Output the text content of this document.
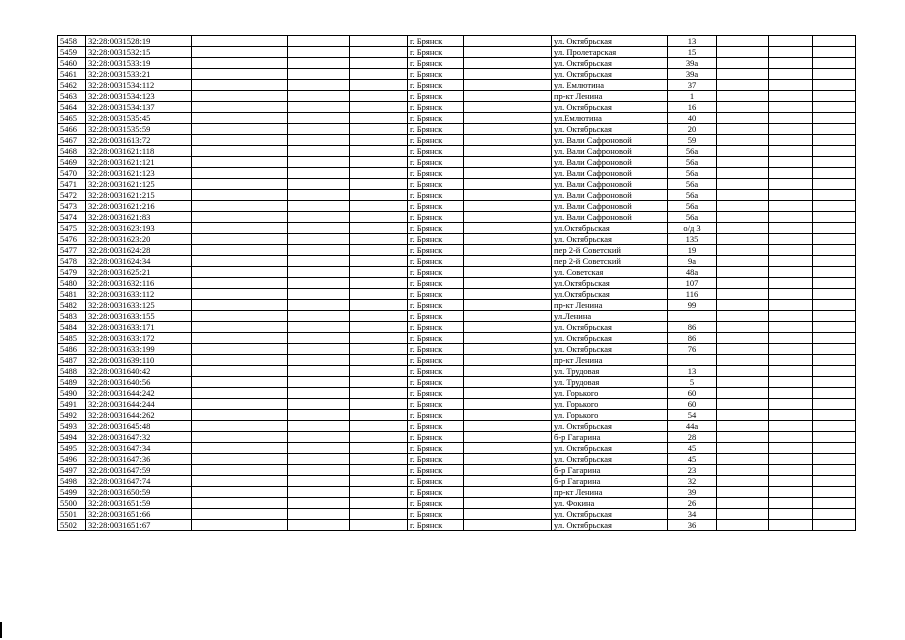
5458	32:28:0031528:19				г. Брянск		ул. Октябрьская	13			
5459	32:28:0031532:15				г. Брянск		ул. Пролетарская	15			
5460	32:28:0031533:19				г. Брянск		ул. Октябрьская	39а			
5461	32:28:0031533:21				г. Брянск		ул. Октябрьская	39а			
5462	32:28:0031534:112				г. Брянск		ул. Емлютина	37			
5463	32:28:0031534:123				г. Брянск		пр-кт Ленина	1			
5464	32:28:0031534:137				г. Брянск		ул. Октябрьская	16			
5465	32:28:0031535:45				г. Брянск		ул.Емлютина	40			
5466	32:28:0031535:59				г. Брянск		ул. Октябрьская	20			
5467	32:28:0031613:72				г. Брянск		ул. Вали Сафроновой	59			
5468	32:28:0031621:118				г. Брянск		ул. Вали Сафроновой	56а			
5469	32:28:0031621:121				г. Брянск		ул. Вали Сафроновой	56а			
5470	32:28:0031621:123				г. Брянск		ул. Вали Сафроновой	56а			
5471	32:28:0031621:125				г. Брянск		ул. Вали Сафроновой	56а			
5472	32:28:0031621:215				г. Брянск		ул. Вали Сафроновой	56а			
5473	32:28:0031621:216				г. Брянск		ул. Вали Сафроновой	56а			
5474	32:28:0031621:83				г. Брянск		ул. Вали Сафроновой	56а			
5475	32:28:0031623:193				г. Брянск		ул.Октябрьская	о/д 3			
5476	32:28:0031623:20				г. Брянск		ул. Октябрьская	135			
5477	32:28:0031624:28				г. Брянск		пер 2-й Советский	19			
5478	32:28:0031624:34				г. Брянск		пер 2-й Советский	9а			
5479	32:28:0031625:21				г. Брянск		ул. Советская	48а			
5480	32:28:0031632:116				г. Брянск		ул.Октябрьская	107			
5481	32:28:0031633:112				г. Брянск		ул.Октябрьская	116			
5482	32:28:0031633:125				г. Брянск		пр-кт Ленина	99			
5483	32:28:0031633:155				г. Брянск		ул.Ленина				
5484	32:28:0031633:171				г. Брянск		ул. Октябрьская	86			
5485	32:28:0031633:172				г. Брянск		ул. Октябрьская	86			
5486	32:28:0031633:199				г. Брянск		ул. Октябрьская	76			
5487	32:28:0031639:110				г. Брянск		пр-кт Ленина				
5488	32:28:0031640:42				г. Брянск		ул. Трудовая	13			
5489	32:28:0031640:56				г. Брянск		ул. Трудовая	5			
5490	32:28:0031644:242				г. Брянск		ул. Горького	60			
5491	32:28:0031644:244				г. Брянск		ул. Горького	60			
5492	32:28:0031644:262				г. Брянск		ул. Горького	54			
5493	32:28:0031645:48				г. Брянск		ул. Октябрьская	44а			
5494	32:28:0031647:32				г. Брянск		б-р Гагарина	28			
5495	32:28:0031647:34				г. Брянск		ул. Октябрьская	45			
5496	32:28:0031647:36				г. Брянск		ул. Октябрьская	45			
5497	32:28:0031647:59				г. Брянск		б-р Гагарина	23			
5498	32:28:0031647:74				г. Брянск		б-р Гагарина	32			
5499	32:28:0031650:59				г. Брянск		пр-кт Ленина	39			
5500	32:28:0031651:59				г. Брянск		ул. Фокина	26			
5501	32:28:0031651:66				г. Брянск		ул. Октябрьская	34			
5502	32:28:0031651:67				г. Брянск		ул. Октябрьская	36			
